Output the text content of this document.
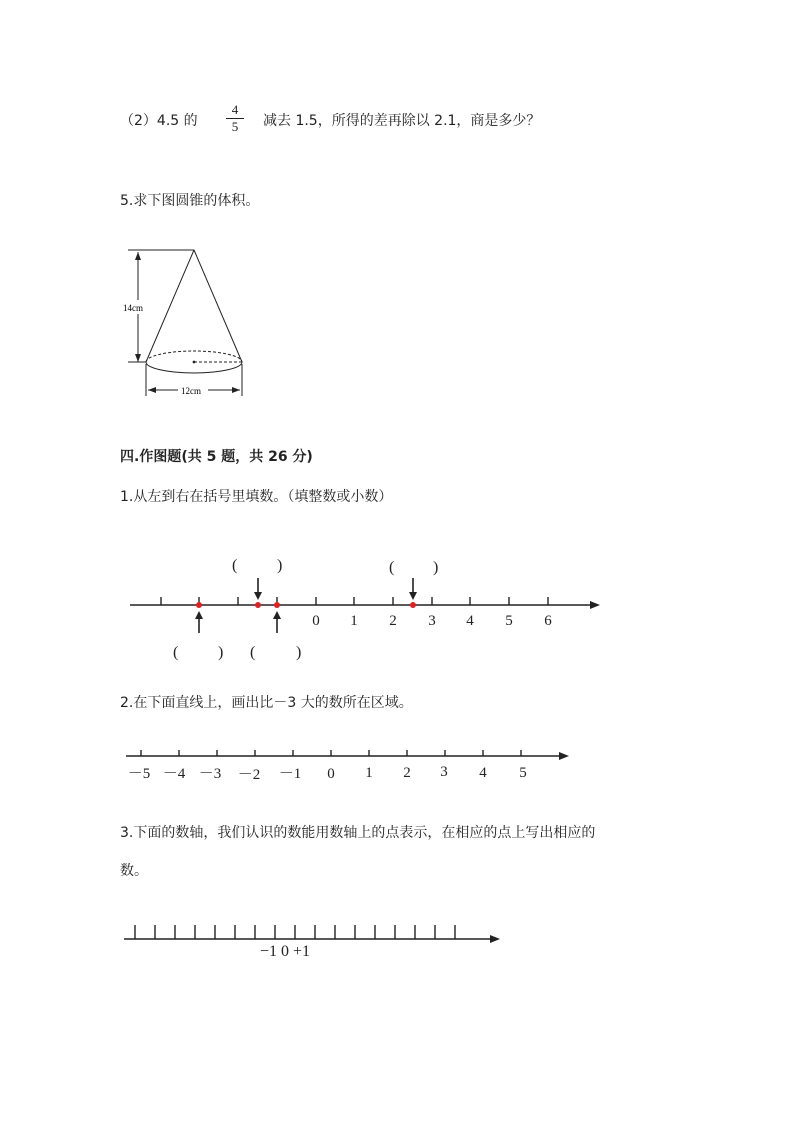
（2）4.5 的
4
5	减去 1.5，所得的差再除以 2.1，商是多少？
5.求下图圆锥的体积。
14cm
12cm
四.作图题(共 5 题，共 26 分)
1.从左到右在括号里填数。（填整数或小数）
0 1 2 3 4 5 6
( )	( )
( ) (	)
2.在下面直线上，画出比－3 大的数所在区域。
－5 －4 －3 －2 －1 0 1 2 3 4 5
3.下面的数轴，我们认识的数能用数轴上的点表示，在相应的点上写出相应的
数。
−1 0 +1
